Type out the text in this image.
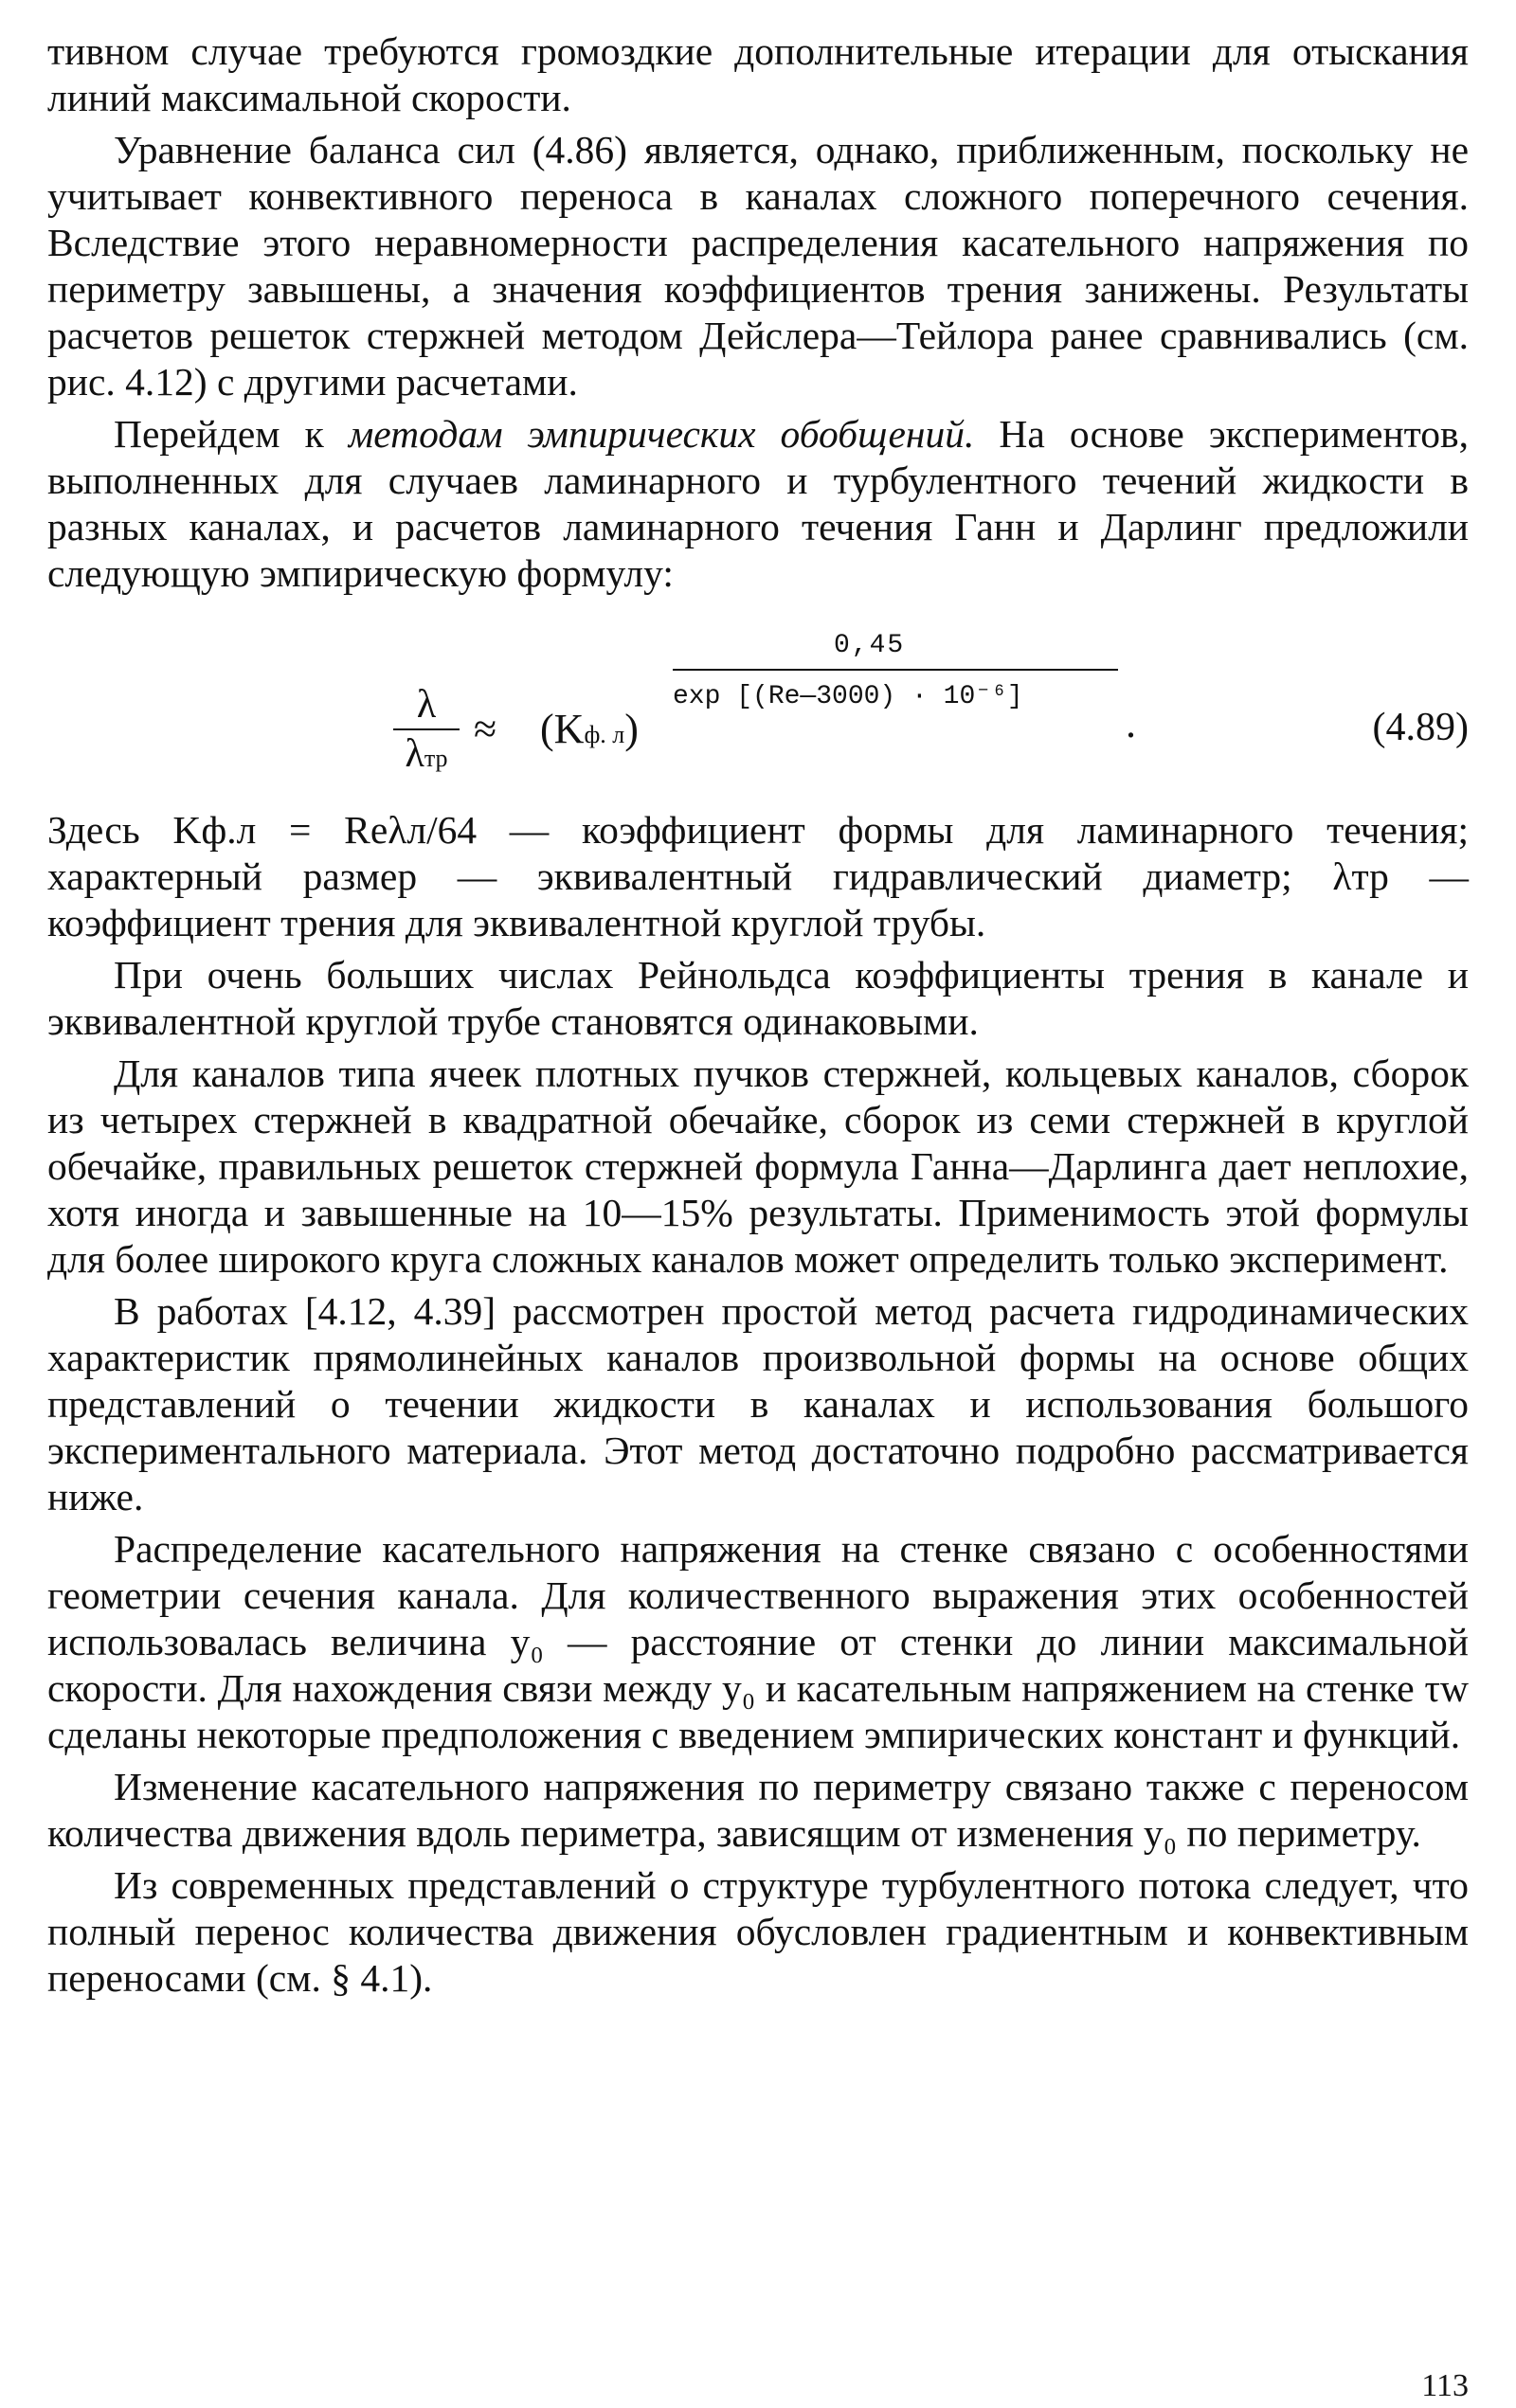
тивном случае требуются громоздкие дополнительные итерации для отыскания линий максимальной скорости.

Уравнение баланса сил (4.86) является, однако, приближенным, поскольку не учитывает конвективного переноса в каналах сложного поперечного сечения. Вследствие этого неравномерности распределения касательного напряжения по периметру завышены, а значения коэффициентов трения занижены. Результаты расчетов решеток стержней методом Дейслера—Тейлора ранее сравнивались (см. рис. 4.12) с другими расчетами.

Перейдем к методам эмпирических обобщений. На основе экспериментов, выполненных для случаев ламинарного и турбулентного течений жидкости в разных каналах, и расчетов ламинарного течения Ганн и Дарлинг предложили следующую эмпирическую формулу:

λ
λтр
≈ (Kф. л)
0,45
exp [(Re—3000) · 10⁻⁶]
.	(4.89)

Здесь Kф.л = Reλл/64 — коэффициент формы для ламинарного течения; характерный размер — эквивалентный гидравлический диаметр; λтр — коэффициент трения для эквивалентной круглой трубы.

При очень больших числах Рейнольдса коэффициенты трения в канале и эквивалентной круглой трубе становятся одинаковыми.

Для каналов типа ячеек плотных пучков стержней, кольцевых каналов, сборок из четырех стержней в квадратной обечайке, сборок из семи стержней в круглой обечайке, правильных решеток стержней формула Ганна—Дарлинга дает неплохие, хотя иногда и завышенные на 10—15% результаты. Применимость этой формулы для более широкого круга сложных каналов может определить только эксперимент.

В работах [4.12, 4.39] рассмотрен простой метод расчета гидродинамических характеристик прямолинейных каналов произвольной формы на основе общих представлений о течении жидкости в каналах и использования большого экспериментального материала. Этот метод достаточно подробно рассматривается ниже.

Распределение касательного напряжения на стенке связано с особенностями геометрии сечения канала. Для количественного выражения этих особенностей использовалась величина y₀ — расстояние от стенки до линии максимальной скорости. Для нахождения связи между y₀ и касательным напряжением на стенке τw сделаны некоторые предположения с введением эмпирических констант и функций.

Изменение касательного напряжения по периметру связано также с переносом количества движения вдоль периметра, зависящим от изменения y₀ по периметру.

Из современных представлений о структуре турбулентного потока следует, что полный перенос количества движения обусловлен градиентным и конвективным переносами (см. § 4.1).

113
